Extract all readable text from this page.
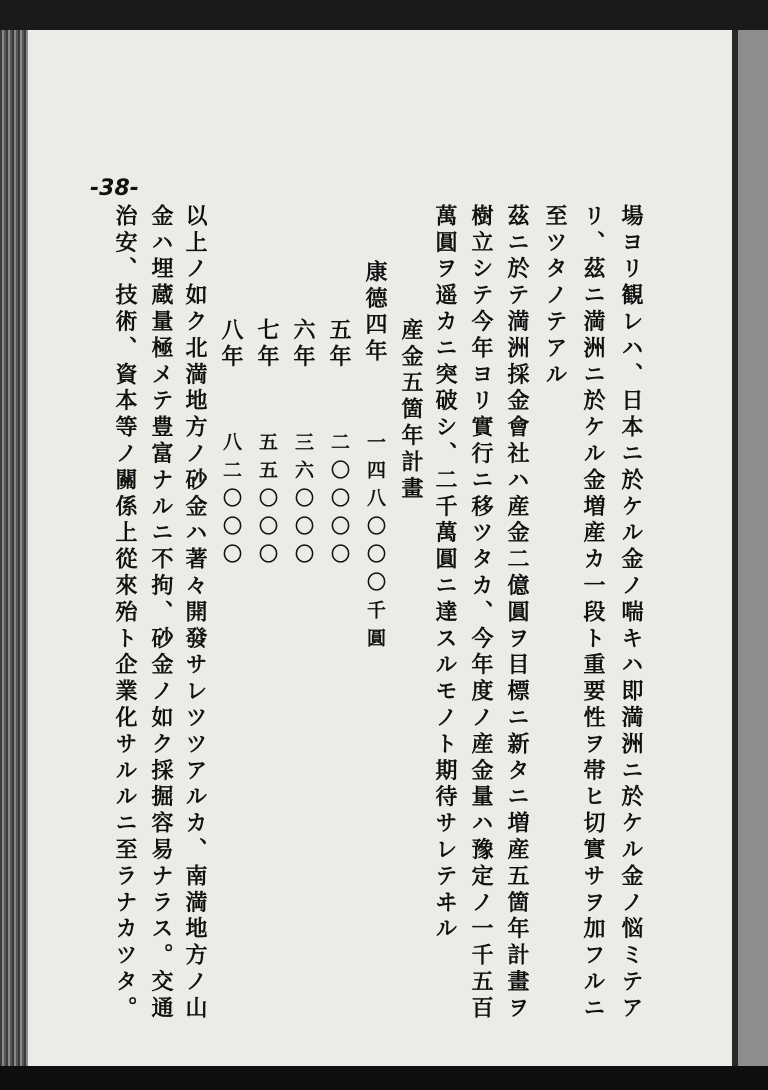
-38-
場ヨリ観レハ、日本ニ於ケル金ノ喘キハ即満洲ニ於ケル金ノ悩ミテア
リ、茲ニ満洲ニ於ケル金増産カ一段ト重要性ヲ帯ヒ切實サヲ加フルニ
至ツタノテアル
茲ニ於テ満洲採金會社ハ産金二億圓ヲ目標ニ新タニ増産五箇年計畫ヲ
樹立シテ今年ヨリ實行ニ移ツタカ、今年度ノ産金量ハ豫定ノ一千五百
萬圓ヲ遥カニ突破シ、二千萬圓ニ達スルモノト期待サレテヰル
産金五箇年計畫
康德四年
一四八〇〇〇千圓
五年
二〇〇〇〇
六年
三六〇〇〇
七年
五五〇〇〇
八年
八二〇〇〇
以上ノ如ク北満地方ノ砂金ハ著々開發サレツツアルカ、南満地方ノ山
金ハ埋蔵量極メテ豊富ナルニ不拘、砂金ノ如ク採掘容易ナラス。交通
治安、技術、資本等ノ關係上從來殆ト企業化サルルニ至ラナカツタ。
